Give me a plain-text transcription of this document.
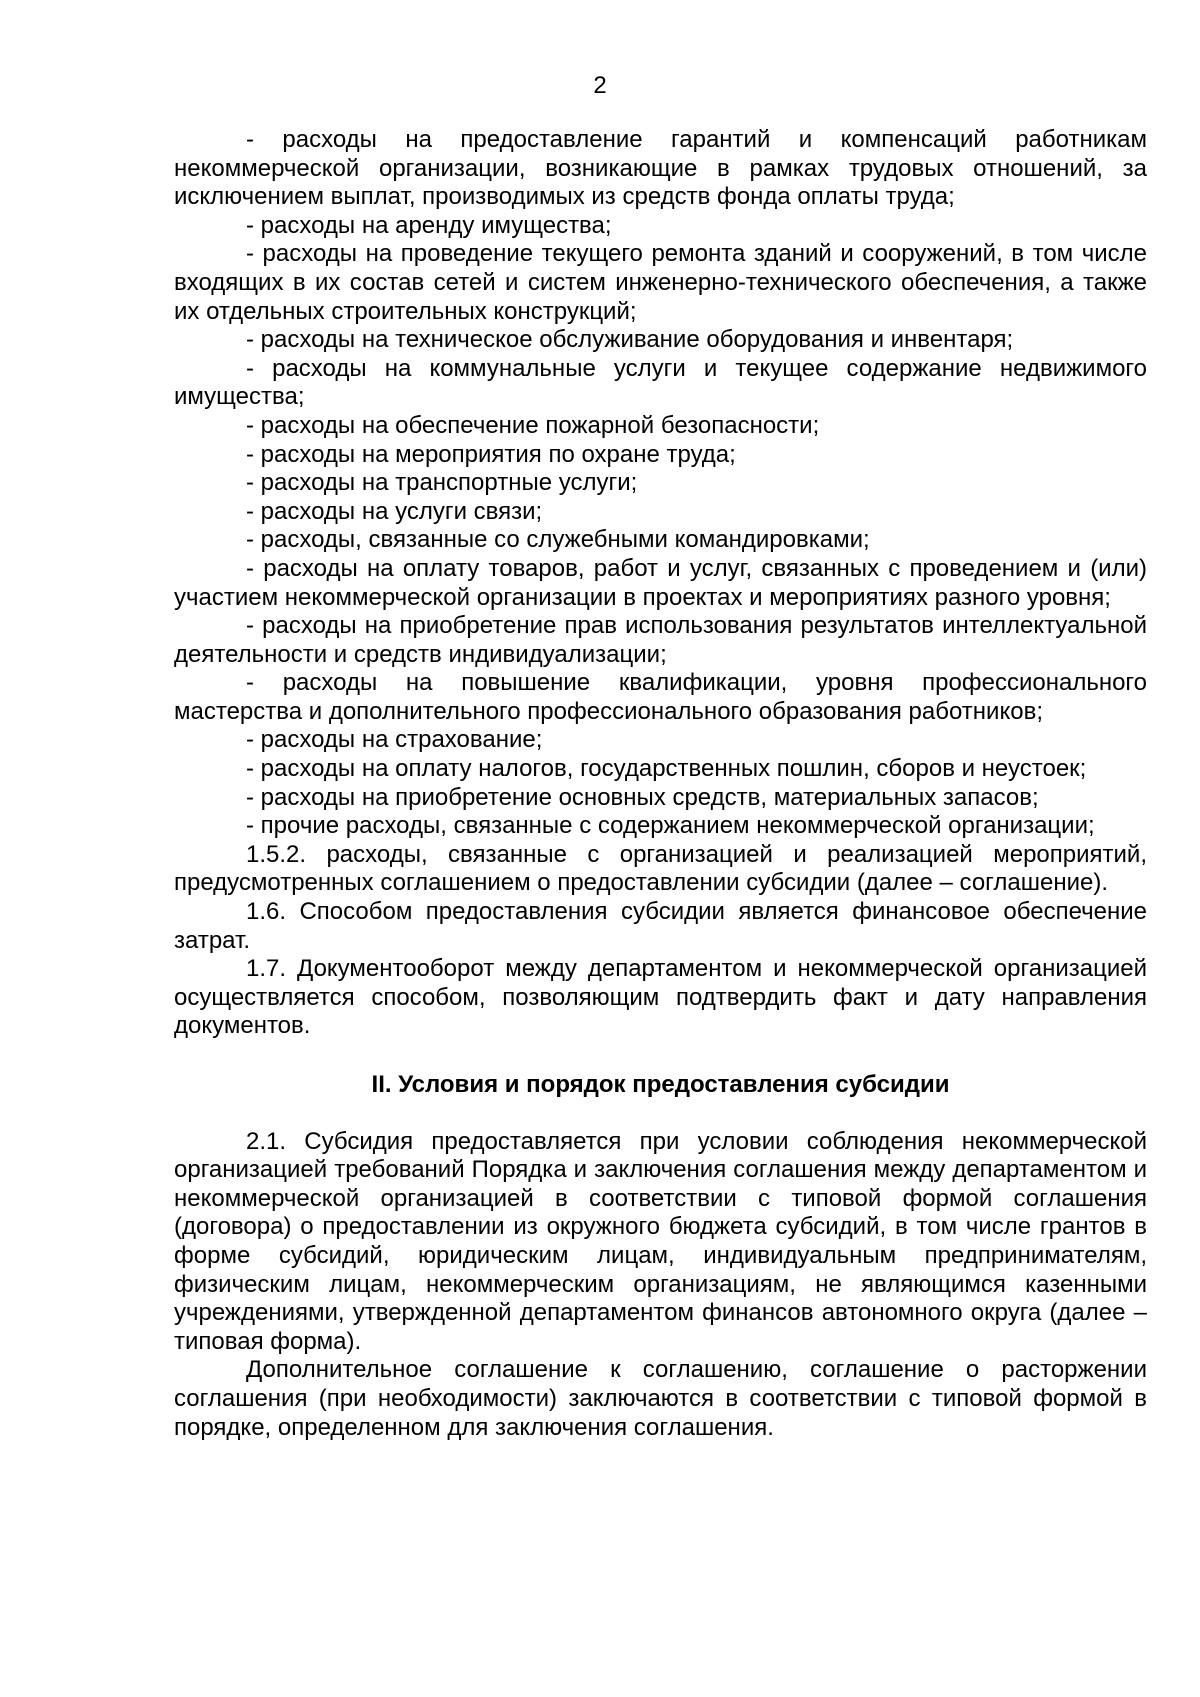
2

- расходы на предоставление гарантий и компенсаций работникам некоммерческой организации, возникающие в рамках трудовых отношений, за исключением выплат, производимых из средств фонда оплаты труда;

- расходы на аренду имущества;

- расходы на проведение текущего ремонта зданий и сооружений, в том числе входящих в их состав сетей и систем инженерно-технического обеспечения, а также их отдельных строительных конструкций;

- расходы на техническое обслуживание оборудования и инвентаря;

- расходы на коммунальные услуги и текущее содержание недвижимого имущества;

- расходы на обеспечение пожарной безопасности;

- расходы на мероприятия по охране труда;

- расходы на транспортные услуги;

- расходы на услуги связи;

- расходы, связанные со служебными командировками;

- расходы на оплату товаров, работ и услуг, связанных с проведением и (или) участием некоммерческой организации в проектах и мероприятиях разного уровня;

- расходы на приобретение прав использования результатов интеллектуальной деятельности и средств индивидуализации;

- расходы на повышение квалификации, уровня профессионального мастерства и дополнительного профессионального образования работников;

- расходы на страхование;

- расходы на оплату налогов, государственных пошлин, сборов и неустоек;

- расходы на приобретение основных средств, материальных запасов;

- прочие расходы, связанные с содержанием некоммерческой организации;

1.5.2. расходы, связанные с организацией и реализацией мероприятий, предусмотренных соглашением о предоставлении субсидии (далее – соглашение).

1.6. Способом предоставления субсидии является финансовое обеспечение затрат.

1.7. Документооборот между департаментом и некоммерческой организацией осуществляется способом, позволяющим подтвердить факт и дату направления документов.

II. Условия и порядок предоставления субсидии

2.1. Субсидия предоставляется при условии соблюдения некоммерческой организацией требований Порядка и заключения соглашения между департаментом и некоммерческой организацией в соответствии с типовой формой соглашения (договора) о предоставлении из окружного бюджета субсидий, в том числе грантов в форме субсидий, юридическим лицам, индивидуальным предпринимателям, физическим лицам, некоммерческим организациям, не являющимся казенными учреждениями, утвержденной департаментом финансов автономного округа (далее – типовая форма).

Дополнительное соглашение к соглашению, соглашение о расторжении соглашения (при необходимости) заключаются в соответствии с типовой формой в порядке, определенном для заключения соглашения.
